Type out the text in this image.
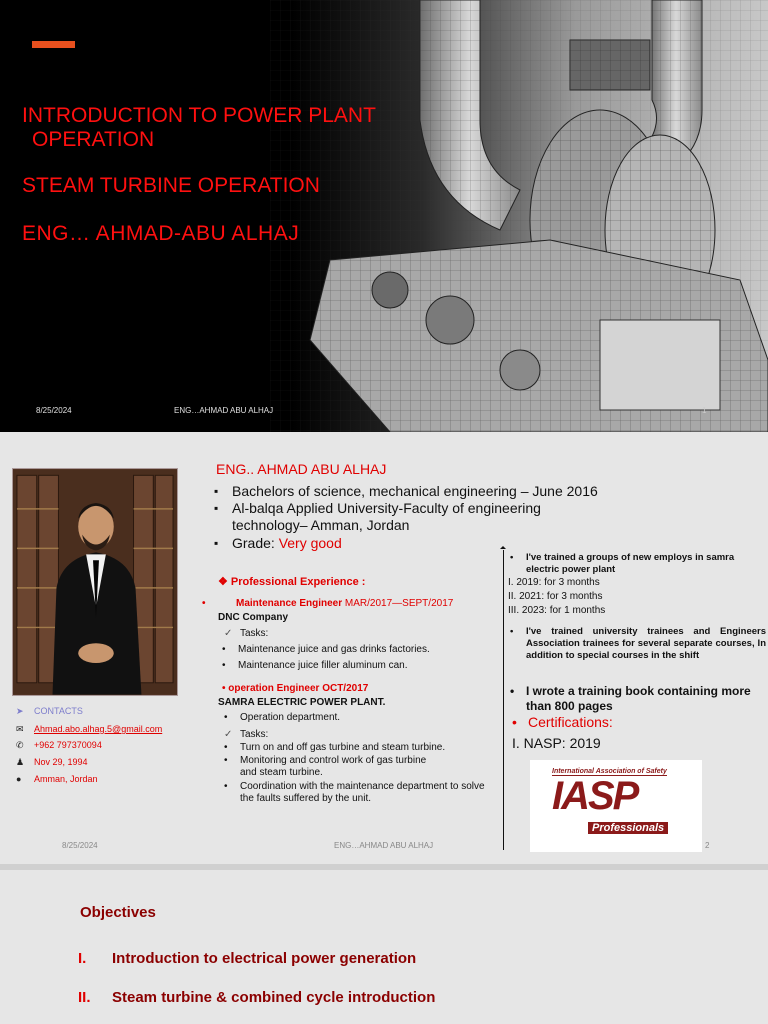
INTRODUCTION TO POWER PLANT
OPERATION
STEAM TURBINE OPERATION
ENG… AHMAD-ABU ALHAJ
8/25/2024	ENG…AHMAD ABU ALHAJ	1
ENG.. AHMAD ABU ALHAJ
▪ Bachelors of science, mechanical engineering – June 2016
▪ Al-balqa Applied University-Faculty of engineering technology– Amman, Jordan
▪ Grade: Very good
❖ Professional Experience :
• Maintenance Engineer MAR/2017—SEPT/2017
DNC Company
✓ Tasks:
• Maintenance juice and gas drinks factories.
• Maintenance juice filler aluminum can.
• operation Engineer OCT/2017
SAMRA ELECTRIC POWER PLANT.
• Operation department.
✓ Tasks:
• Turn on and off gas turbine and steam turbine.
• Monitoring and control work of gas turbine and steam turbine.
• Coordination with the maintenance department to solve the faults suffered by the unit.
• I've trained a groups of new employs in samra electric power plant
I. 2019: for 3 months
II. 2021: for 3 months
III. 2023: for 1 months
• I've trained university trainees and Engineers Association trainees for several separate courses, In addition to special courses in the shift
• I wrote a training book containing more than 800 pages
• Certifications:
I. NASP: 2019
International Association of Safety
IASP
Professionals
➤ CONTACTS
✉ Ahmad.abo.alhag.5@gmail.com
✆ +962 797370094
♟ Nov 29, 1994
● Amman, Jordan
8/25/2024	ENG…AHMAD ABU ALHAJ	2
Objectives
I. Introduction to electrical power generation
II. Steam turbine & combined cycle introduction
